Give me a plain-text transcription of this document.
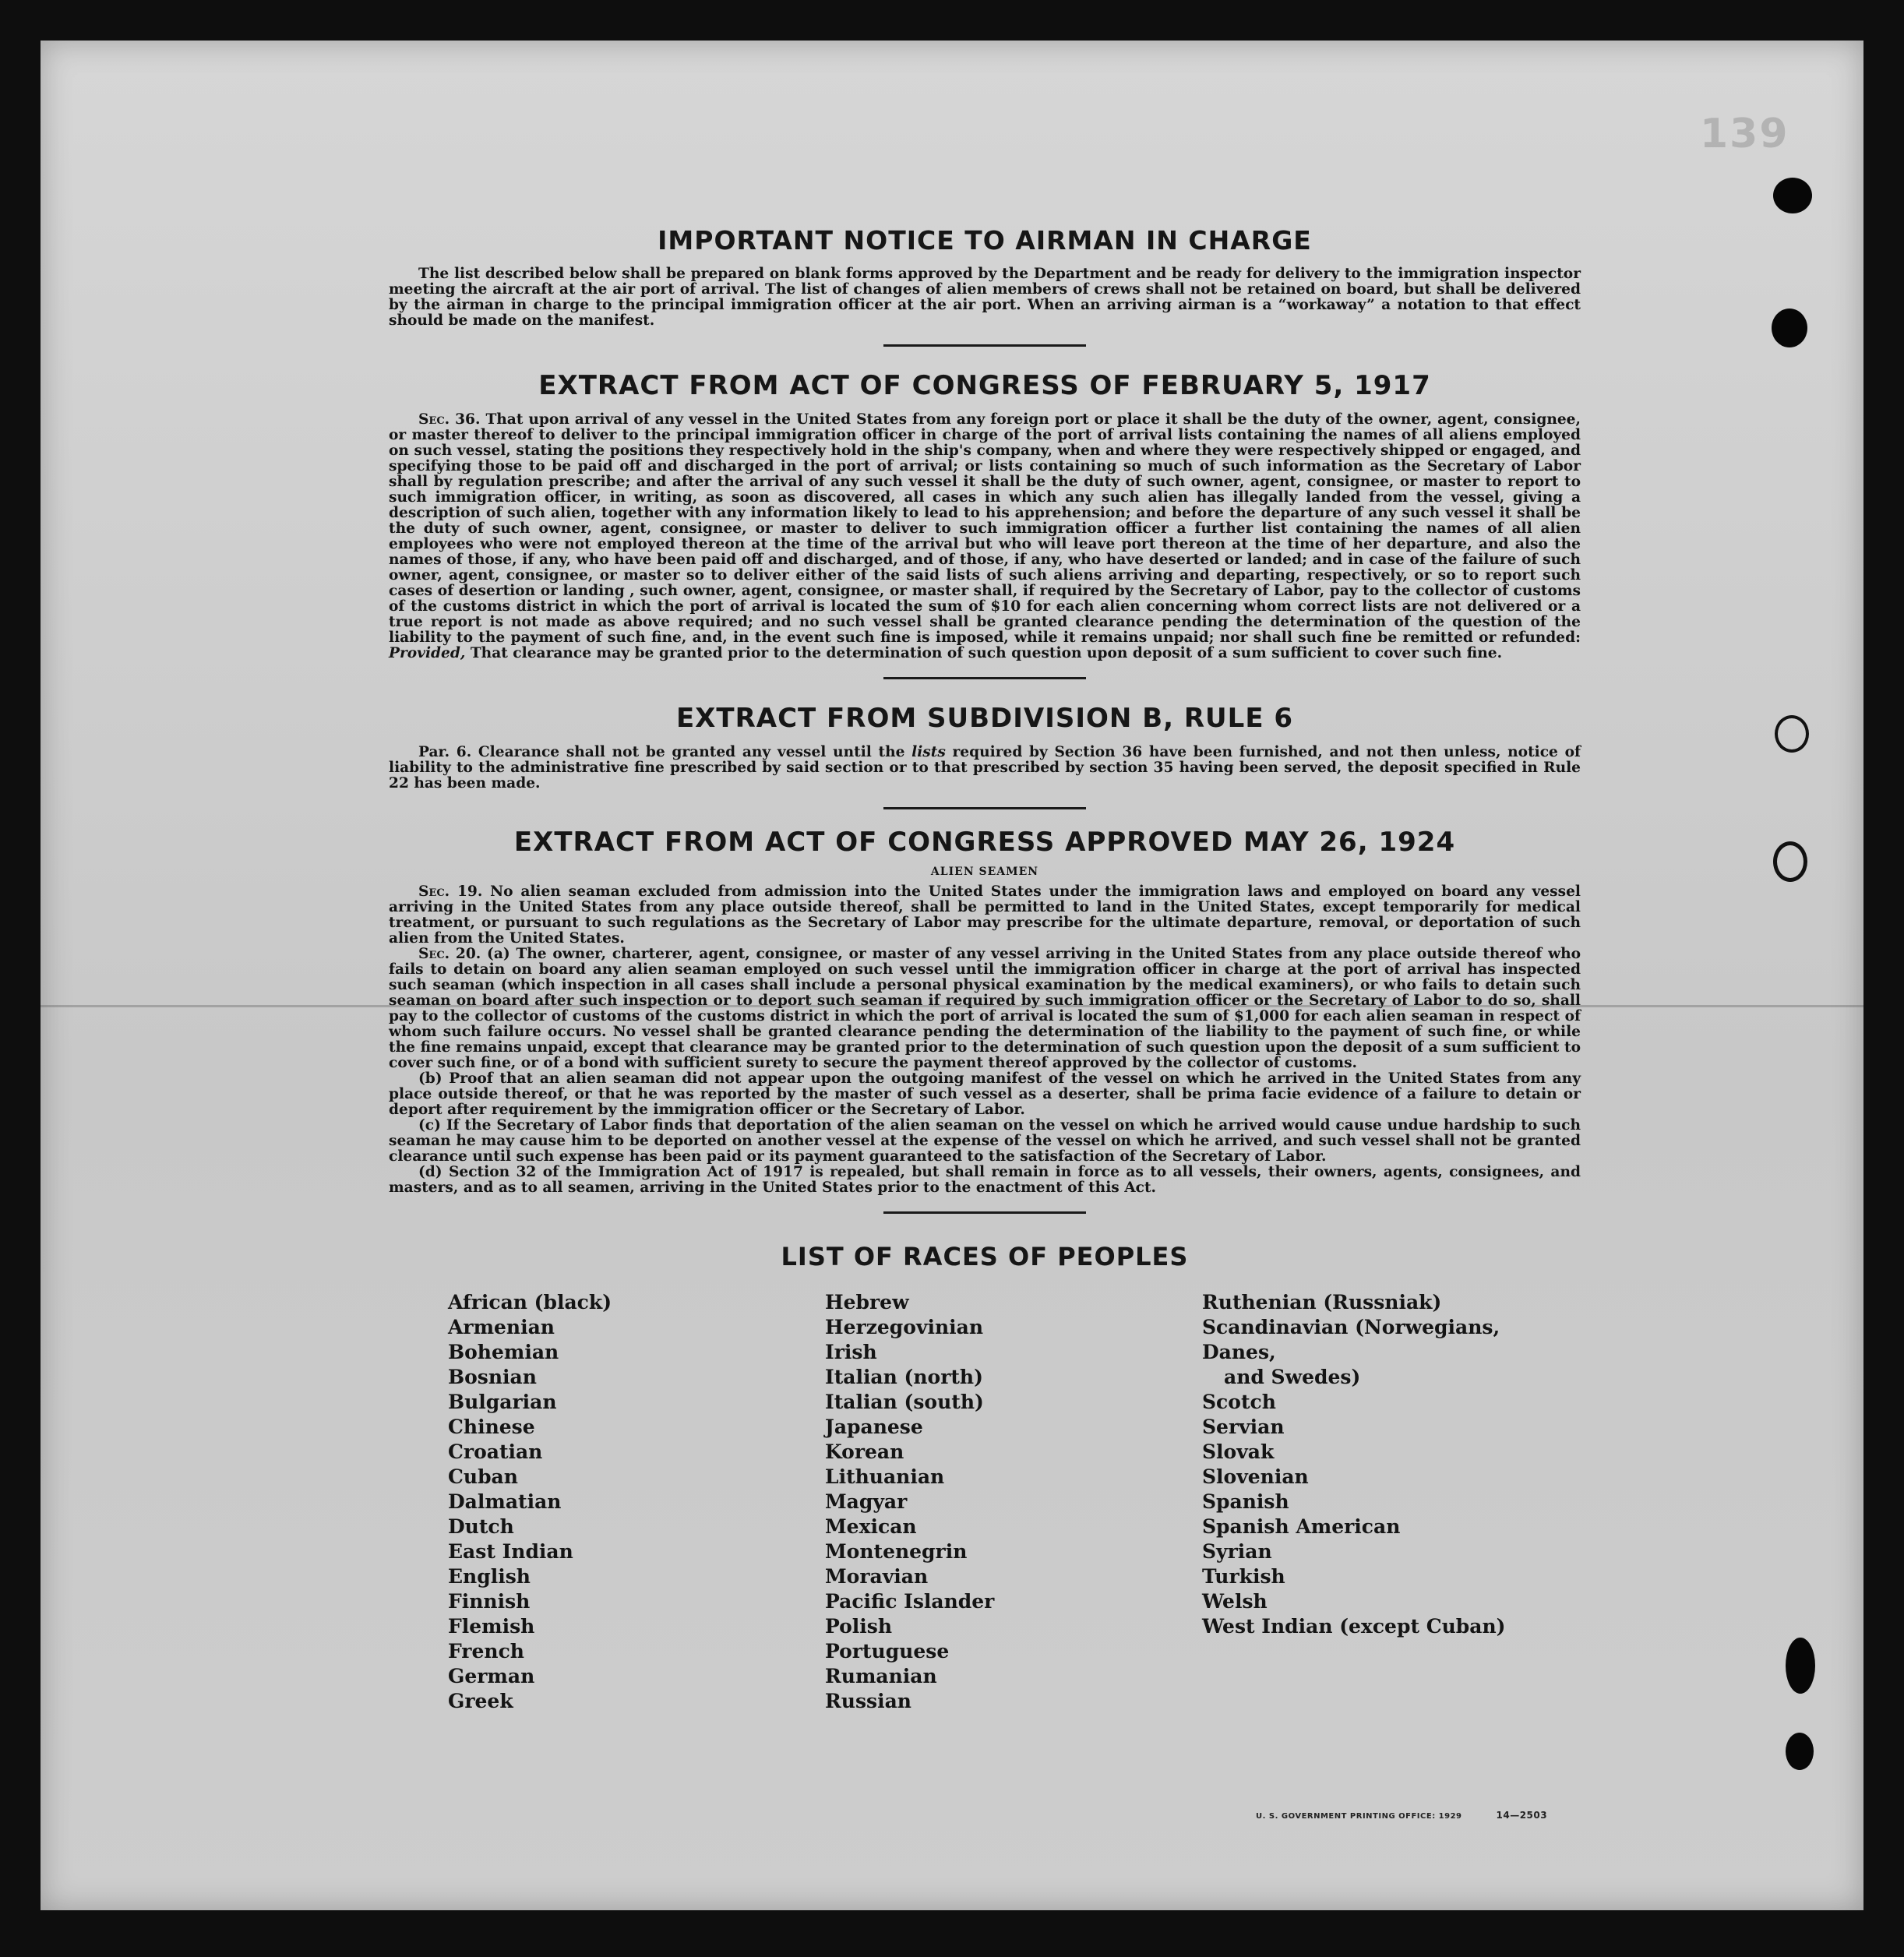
139
IMPORTANT NOTICE TO AIRMAN IN CHARGE

The list described below shall be prepared on blank forms approved by the Department and be ready for delivery to the immigration inspector meeting the aircraft at the air port of arrival. The list of changes of alien members of crews shall not be retained on board, but shall be delivered by the airman in charge to the principal immigration officer at the air port. When an arriving airman is a “workaway” a notation to that effect should be made on the manifest.

EXTRACT FROM ACT OF CONGRESS OF FEBRUARY 5, 1917

Sec. 36. That upon arrival of any vessel in the United States from any foreign port or place it shall be the duty of the owner, agent, consignee, or master thereof to deliver to the principal immigration officer in charge of the port of arrival lists containing the names of all aliens employed on such vessel, stating the positions they respectively hold in the ship's company, when and where they were respectively shipped or engaged, and specifying those to be paid off and discharged in the port of arrival; or lists containing so much of such information as the Secretary of Labor shall by regulation prescribe; and after the arrival of any such vessel it shall be the duty of such owner, agent, consignee, or master to report to such immigration officer, in writing, as soon as discovered, all cases in which any such alien has illegally landed from the vessel, giving a description of such alien, together with any information likely to lead to his apprehension; and before the departure of any such vessel it shall be the duty of such owner, agent, consignee, or master to deliver to such immigration officer a further list containing the names of all alien employees who were not employed thereon at the time of the arrival but who will leave port thereon at the time of her departure, and also the names of those, if any, who have been paid off and discharged, and of those, if any, who have deserted or landed; and in case of the failure of such owner, agent, consignee, or master so to deliver either of the said lists of such aliens arriving and departing, respectively, or so to report such cases of desertion or landing , such owner, agent, consignee, or master shall, if required by the Secretary of Labor, pay to the collector of customs of the customs district in which the port of arrival is located the sum of $10 for each alien concerning whom correct lists are not delivered or a true report is not made as above required; and no such vessel shall be granted clearance pending the determination of the question of the liability to the payment of such fine, and, in the event such fine is imposed, while it remains unpaid; nor shall such fine be remitted or refunded: Provided, That clearance may be granted prior to the determination of such question upon deposit of a sum sufficient to cover such fine.

EXTRACT FROM SUBDIVISION B, RULE 6

Par. 6. Clearance shall not be granted any vessel until the lists required by Section 36 have been furnished, and not then unless, notice of liability to the administrative fine prescribed by said section or to that prescribed by section 35 having been served, the deposit specified in Rule 22 has been made.

EXTRACT FROM ACT OF CONGRESS APPROVED MAY 26, 1924
ALIEN SEAMEN

Sec. 19. No alien seaman excluded from admission into the United States under the immigration laws and employed on board any vessel arriving in the United States from any place outside thereof, shall be permitted to land in the United States, except temporarily for medical treatment, or pursuant to such regulations as the Secretary of Labor may prescribe for the ultimate departure, removal, or deportation of such alien from the United States.

Sec. 20. (a) The owner, charterer, agent, consignee, or master of any vessel arriving in the United States from any place outside thereof who fails to detain on board any alien seaman employed on such vessel until the immigration officer in charge at the port of arrival has inspected such seaman (which inspection in all cases shall include a personal physical examination by the medical examiners), or who fails to detain such seaman on board after such inspection or to deport such seaman if required by such immigration officer or the Secretary of Labor to do so, shall pay to the collector of customs of the customs district in which the port of arrival is located the sum of $1,000 for each alien seaman in respect of whom such failure occurs. No vessel shall be granted clearance pending the determination of the liability to the payment of such fine, or while the fine remains unpaid, except that clearance may be granted prior to the determination of such question upon the deposit of a sum sufficient to cover such fine, or of a bond with sufficient surety to secure the payment thereof approved by the collector of customs.

(b) Proof that an alien seaman did not appear upon the outgoing manifest of the vessel on which he arrived in the United States from any place outside thereof, or that he was reported by the master of such vessel as a deserter, shall be prima facie evidence of a failure to detain or deport after requirement by the immigration officer or the Secretary of Labor.

(c) If the Secretary of Labor finds that deportation of the alien seaman on the vessel on which he arrived would cause undue hardship to such seaman he may cause him to be deported on another vessel at the expense of the vessel on which he arrived, and such vessel shall not be granted clearance until such expense has been paid or its payment guaranteed to the satisfaction of the Secretary of Labor.

(d) Section 32 of the Immigration Act of 1917 is repealed, but shall remain in force as to all vessels, their owners, agents, consignees, and masters, and as to all seamen, arriving in the United States prior to the enactment of this Act.

LIST OF RACES OF PEOPLES
African (black)
Armenian
Bohemian
Bosnian
Bulgarian
Chinese
Croatian
Cuban
Dalmatian
Dutch
East Indian
English
Finnish
Flemish
French
German
Greek
Hebrew
Herzegovinian
Irish
Italian (north)
Italian (south)
Japanese
Korean
Lithuanian
Magyar
Mexican
Montenegrin
Moravian
Pacific Islander
Polish
Portuguese
Rumanian
Russian
Ruthenian (Russniak)
Scandinavian (Norwegians, Danes,
and Swedes)
Scotch
Servian
Slovak
Slovenian
Spanish
Spanish American
Syrian
Turkish
Welsh
West Indian (except Cuban)
U. S. GOVERNMENT PRINTING OFFICE: 1929	14—2503
